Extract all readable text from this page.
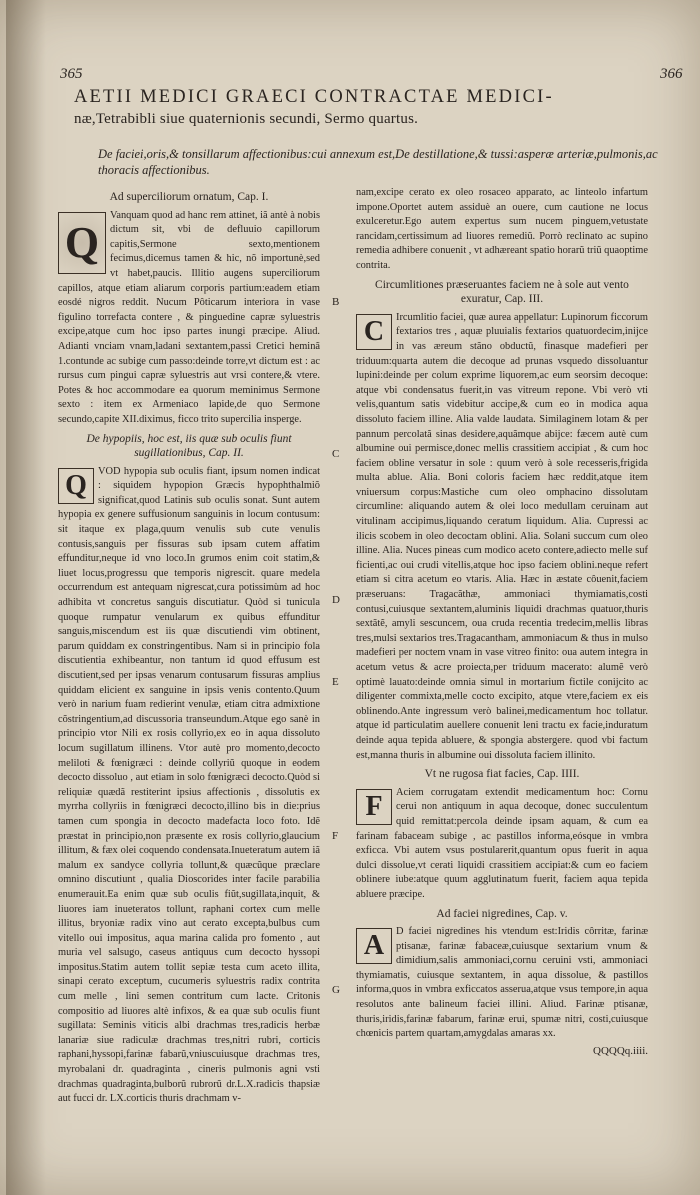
365	366
AETII MEDICI GRAECI CONTRACTAE MEDICI-
næ,Tetrabibli siue quaternionis secundi, Sermo quartus.
De faciei,oris,& tonsillarum affectionibus:cui annexum est,De destillatione,& tussi:asperæ arteriæ,pulmonis,ac thoracis affectionibus.
B
C
D
E
F
G
Ad superciliorum ornatum, Cap. I.

Q
Vanquam quod ad hanc rem attinet, iã antè à nobis dictum sit, vbi de defluuio capillorum capitis,Sermone sexto,mentionem fecimus,dicemus tamen & hic, nõ importunè,sed vt habet,paucis. Illitio augens superciliorum capillos, atque etiam aliarum corporis partium:eadem etiam eosdé nigros reddit. Nucum Pôticarum interiora in vase figulino torrefacta contere , & pinguedine capræ syluestris excipe,atque cum hoc ipso partes inungi præcipe. Aliud. Adianti vnciam vnam,ladani sextantem,passi Cretici heminã 1.contunde ac subige cum passo:deinde torre,vt dictum est : ac rursus cum pingui capræ syluestris aut vrsi contere,& vtere. Potes & hoc accommodare ea quorum meminimus Sermone sexto : item ex Armeniaco lapide,de quo Sermone secundo,capite XII.diximus, ficco trito supercilia insperge.

De hypopiis, hoc est, iis quæ sub oculis fiunt sugillationibus, Cap. II.

Q	VOD hypopia sub oculis fiant, ipsum nomen indicat : siquidem hypopion Græcis hypophthalmiõ significat,quod Latinis sub oculis sonat. Sunt autem hypopia ex genere suffusionum sanguinis in locum contusum: sit itaque ex plaga,quum venulis sub cute venulis contusis,sanguis per fissuras sub ipsam cutem affatim effunditur,neque id vno loco.In grumos enim coit statim,& liuet locus,progressu que temporis nigrescit. quare medela occurrendum est antequam nigrescat,cura potissimùm ad hoc adhibita vt concretus sanguis discutiatur. Quòd si tunicula quoque rumpatur venularum ex quibus effunditur sanguis,miscendum est iis quæ discutiendi vim obtinent, parum quiddam ex constringentibus. Nam si in principio fola discutientia exhibeantur, non tantum id quod effusum est discutient,sed per ipsas venarum contusarum fissuras amplius quiddam elicient ex sanguine in ipsis venis contento.Quum verò in narium fuam redierint venulæ, etiam citra admixtione cõstringentium,ad discussoria transeundum.Atque ego sanè in principio vtor Nili ex rosis collyrio,ex eo in aqua dissoluto locum sugillatum illinens. Vtor autè pro momento,decocto meliloti & fœnigræci : deinde collyriũ quoque in eodem decocto dissoluo , aut etiam in solo fœnigræci decocto.Quòd si reliquiæ quædã restiterint ipsius affectionis , dissolutis ex myrrha collyriis in fœnigræci decocto,illino bis in die:prius tamen cum spongia in decocto madefacta loco foto. Idẽ præstat in principio,non præsente ex rosis collyrio,glaucium illitum, & fæx olei coquendo condensata.Inueteratum autem iã malum ex sandyce collyria tollunt,& quæcũque præclare omnino discutiunt , qualia Dioscorides inter facile parabilia enumerauit.Ea enim quæ sub oculis fiũt,sugillata,inquit, & liuores iam inueteratos tollunt, raphani cortex cum melle illitus, bryoniæ radix vino aut cerato excepta,bulbus cum vitello oui impositus, aqua marina calida pro fomento , aut muria vel salsugo, caseus antiquus cum decocto hyssopi impositus.Statim autem tollit sepiæ testa cum aceto illita, sinapi cerato exceptum, cucumeris syluestris radix contrita cum melle , lini semen contritum cum lacte. Critonis compositio ad liuores altè infixos, & ea quæ sub oculis fiunt sugillata: Seminis viticis albi drachmas tres,radicis herbæ lanariæ siue radiculæ drachmas tres,nitri rubri, corticis raphani,hyssopi,farinæ fabarũ,vniuscuiusque drachmas tres, myrobalani dr. quadraginta , cineris pulmonis agni vsti drachmas quadraginta,bulborũ rubrorũ dr.L.X.radicis thapsiæ aut fucci dr. LX.corticis thuris drachmam v-

nam,excipe cerato ex oleo rosaceo apparato, ac linteolo infartum impone.Oportet autem assiduè an ouere, cum cautione ne locus exulceretur.Ego autem expertus sum nucem pinguem,vetustate rancidam,certissimum ad liuores remediũ. Porrò reclinato ac supino remedia adhibere conuenit , vt adhæreant spatio horarũ triũ quaoptime contrita.

Circumlitiones præseruantes faciem ne à sole aut vento exuratur, Cap. III.

C	Ircumlitio faciei, quæ aurea appellatur: Lupinorum ficcorum fextarios tres , aquæ pluuialis fextarios quatuordecim,inijce in vas æreum stãno obductũ, finasque madefieri per triduum:quarta autem die decoque ad prunas vsquedo dissoluantur lupini:deinde per colum exprime liquorem,ac eum seorsim decoque: atque vbi condensatus fuerit,in vas vitreum repone. Vbi verò vti velis,quantum satis videbitur accipe,& cum eo in modica aqua dissoluto faciem illine. Alia valde laudata. Similaginem lotam & per pannum percolatã sinas desidere,aquãmque abijce: fæcem autè cum albumine oui permisce,donec mellis crassitiem accipiat , & cum hoc faciem obline versatur in sole : quum verò à sole recesseris,frigida multa ablue. Alia. Boni coloris faciem hæc reddit,atque item vniuersum corpus:Mastiche cum oleo omphacino dissolutam circumline: aliquando autem & olei loco medullam ceruinam aut vitulinam accipimus,liquando ceratum liquidum. Alia. Cupressi ac ilicis scobem in oleo decoctam oblini. Alia. Solani succum cum oleo illine. Alia. Nuces pineas cum modico aceto contere,adiecto melle suf ficienti,ac oui crudi vitellis,atque hoc ipso faciem oblini.neque refert etiam si citra acetum eo vtaris. Alia. Hæc in æstate côuenit,faciem præseruans: Tragacãthæ, ammoniaci thymiamatis,costi contusi,cuiusque sextantem,aluminis liquidi drachmas quatuor,thuris sextãtẽ, amyli sescuncem, oua cruda recentia tredecim,mellis libras tres,mulsi sextarios tres.Tragacantham, ammoniacum & thus in mulso madefieri per noctem vnam in vase vitreo finito: oua autem integra in acetum vetus & acre proiecta,per triduum macerato: alumẽ verò optimè lauato:deinde omnia simul in mortarium fictile conijcito ac diligenter commixta,melle cocto excipito, atque vtere,faciem ex eis oblinendo.Ante ingressum verò balinei,medicamentum hoc tollatur. atque id particulatim auellere conuenit leni tractu ex facie,induratum deinde aqua tepida abluere, & spongia abstergere. quod vbi factum est,manna thuris in albumine oui dissoluta faciem illinito.

Vt ne rugosa fiat facies, Cap. IIII.

F	Aciem corrugatam extendit medicamentum hoc: Cornu cerui non antiquum in aqua decoque, donec succulentum quid remittat:percola deinde ipsam aquam, & cum ea farinam fabaceam subige , ac pastillos informa,eósque in vmbra exficca. Vbi autem vsus postularerit,quantum opus fuerit in aqua dulci dissolue,vt cerati liquidi crassitiem accipiat:& cum eo faciem oblinere iube:atque quum agglutinatum fuerit, faciem aqua tepida abluere præcipe.

Ad faciei nigredines, Cap. v.

A	D faciei nigredines his vtendum est:Iridis côrritæ, farinæ ptisanæ, farinæ fabaceæ,cuiusque sextarium vnum & dimidium,salis ammoniaci,cornu ceruini vsti, ammoniaci thymiamatis, cuiusque sextantem, in aqua dissolue, & pastillos informa,quos in vmbra exficcatos asserua,atque vsus tempore,in aqua resolutos ante balineum faciei illini. Aliud. Farinæ ptisanæ, thuris,iridis,farinæ fabarum, farinæ erui, spumæ nitri, costi,cuiusque chœnicis partem quartam,amygdalas amaras xx.

QQQQq.iiii.
